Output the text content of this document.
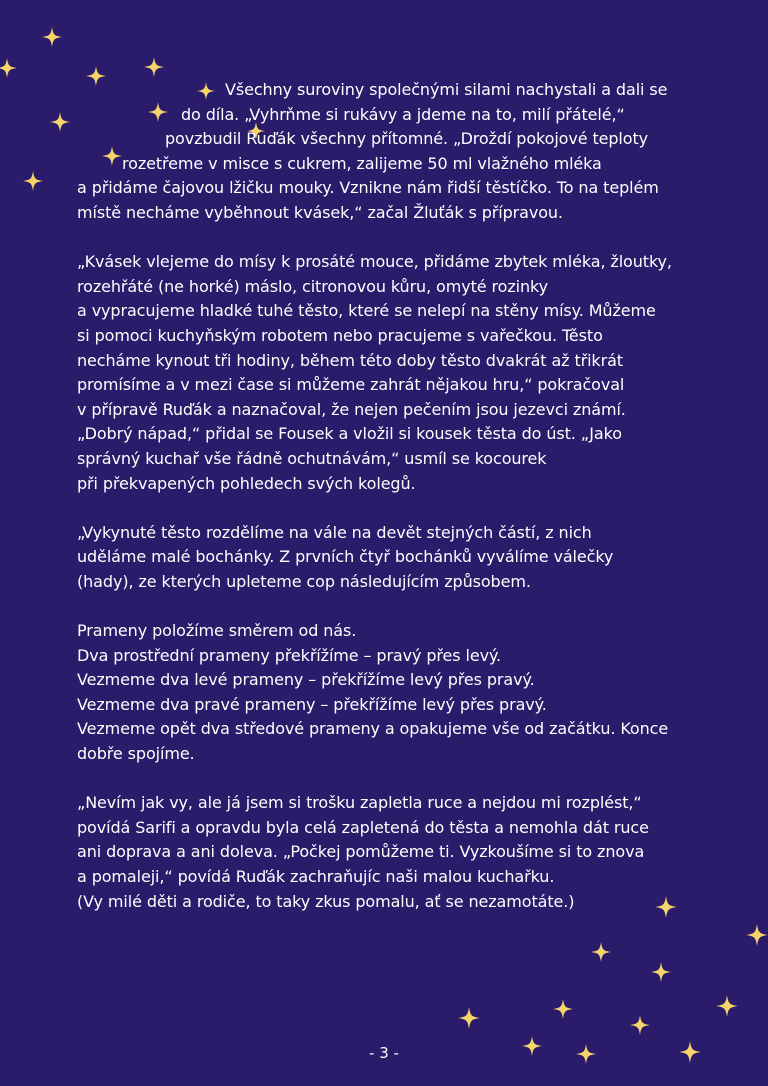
Všechny suroviny společnými silami nachystali a dali se
do díla. „Vyhrňme si rukávy a jdeme na to, milí přátelé,“
povzbudil Ruďák všechny přítomné. „Droždí pokojové teploty
rozetřeme v misce s cukrem, zalijeme 50 ml vlažného mléka
a přidáme čajovou lžičku mouky. Vznikne nám řidší těstíčko. To na teplém
místě necháme vyběhnout kvásek,“ začal Žluťák s přípravou.
„Kvásek vlejeme do mísy k prosáté mouce, přidáme zbytek mléka, žloutky,
rozehřáté (ne horké) máslo, citronovou kůru, omyté rozinky
a vypracujeme hladké tuhé těsto, které se nelepí na stěny mísy. Můžeme
si pomoci kuchyňským robotem nebo pracujeme s vařečkou. Těsto
necháme kynout tři hodiny, během této doby těsto dvakrát až třikrát
promísíme a v mezi čase si můžeme zahrát nějakou hru,“ pokračoval
v přípravě Ruďák a naznačoval, že nejen pečením jsou jezevci známí.
„Dobrý nápad,“ přidal se Fousek a vložil si kousek těsta do úst. „Jako
správný kuchař vše řádně ochutnávám,“ usmíl se kocourek
při překvapených pohledech svých kolegů.
„Vykynuté těsto rozdělíme na vále na devět stejných částí, z nich
uděláme malé bochánky. Z prvních čtyř bochánků vyválíme válečky
(hady), ze kterých upleteme cop následujícím způsobem.
Prameny položíme směrem od nás.
Dva prostřední prameny překřížíme – pravý přes levý.
Vezmeme dva levé prameny – překřížíme levý přes pravý.
Vezmeme dva pravé prameny – překřížíme levý přes pravý.
Vezmeme opět dva středové prameny a opakujeme vše od začátku. Konce
dobře spojíme.
„Nevím jak vy, ale já jsem si trošku zapletla ruce a nejdou mi rozplést,“
povídá Sarifi a opravdu byla celá zapletená do těsta a nemohla dát ruce
ani doprava a ani doleva. „Počkej pomůžeme ti. Vyzkoušíme si to znova
a pomaleji,“ povídá Ruďák zachraňujíc naši malou kuchařku.
(Vy milé děti a rodiče, to taky zkus pomalu, ať se nezamotáte.)
- 3 -
